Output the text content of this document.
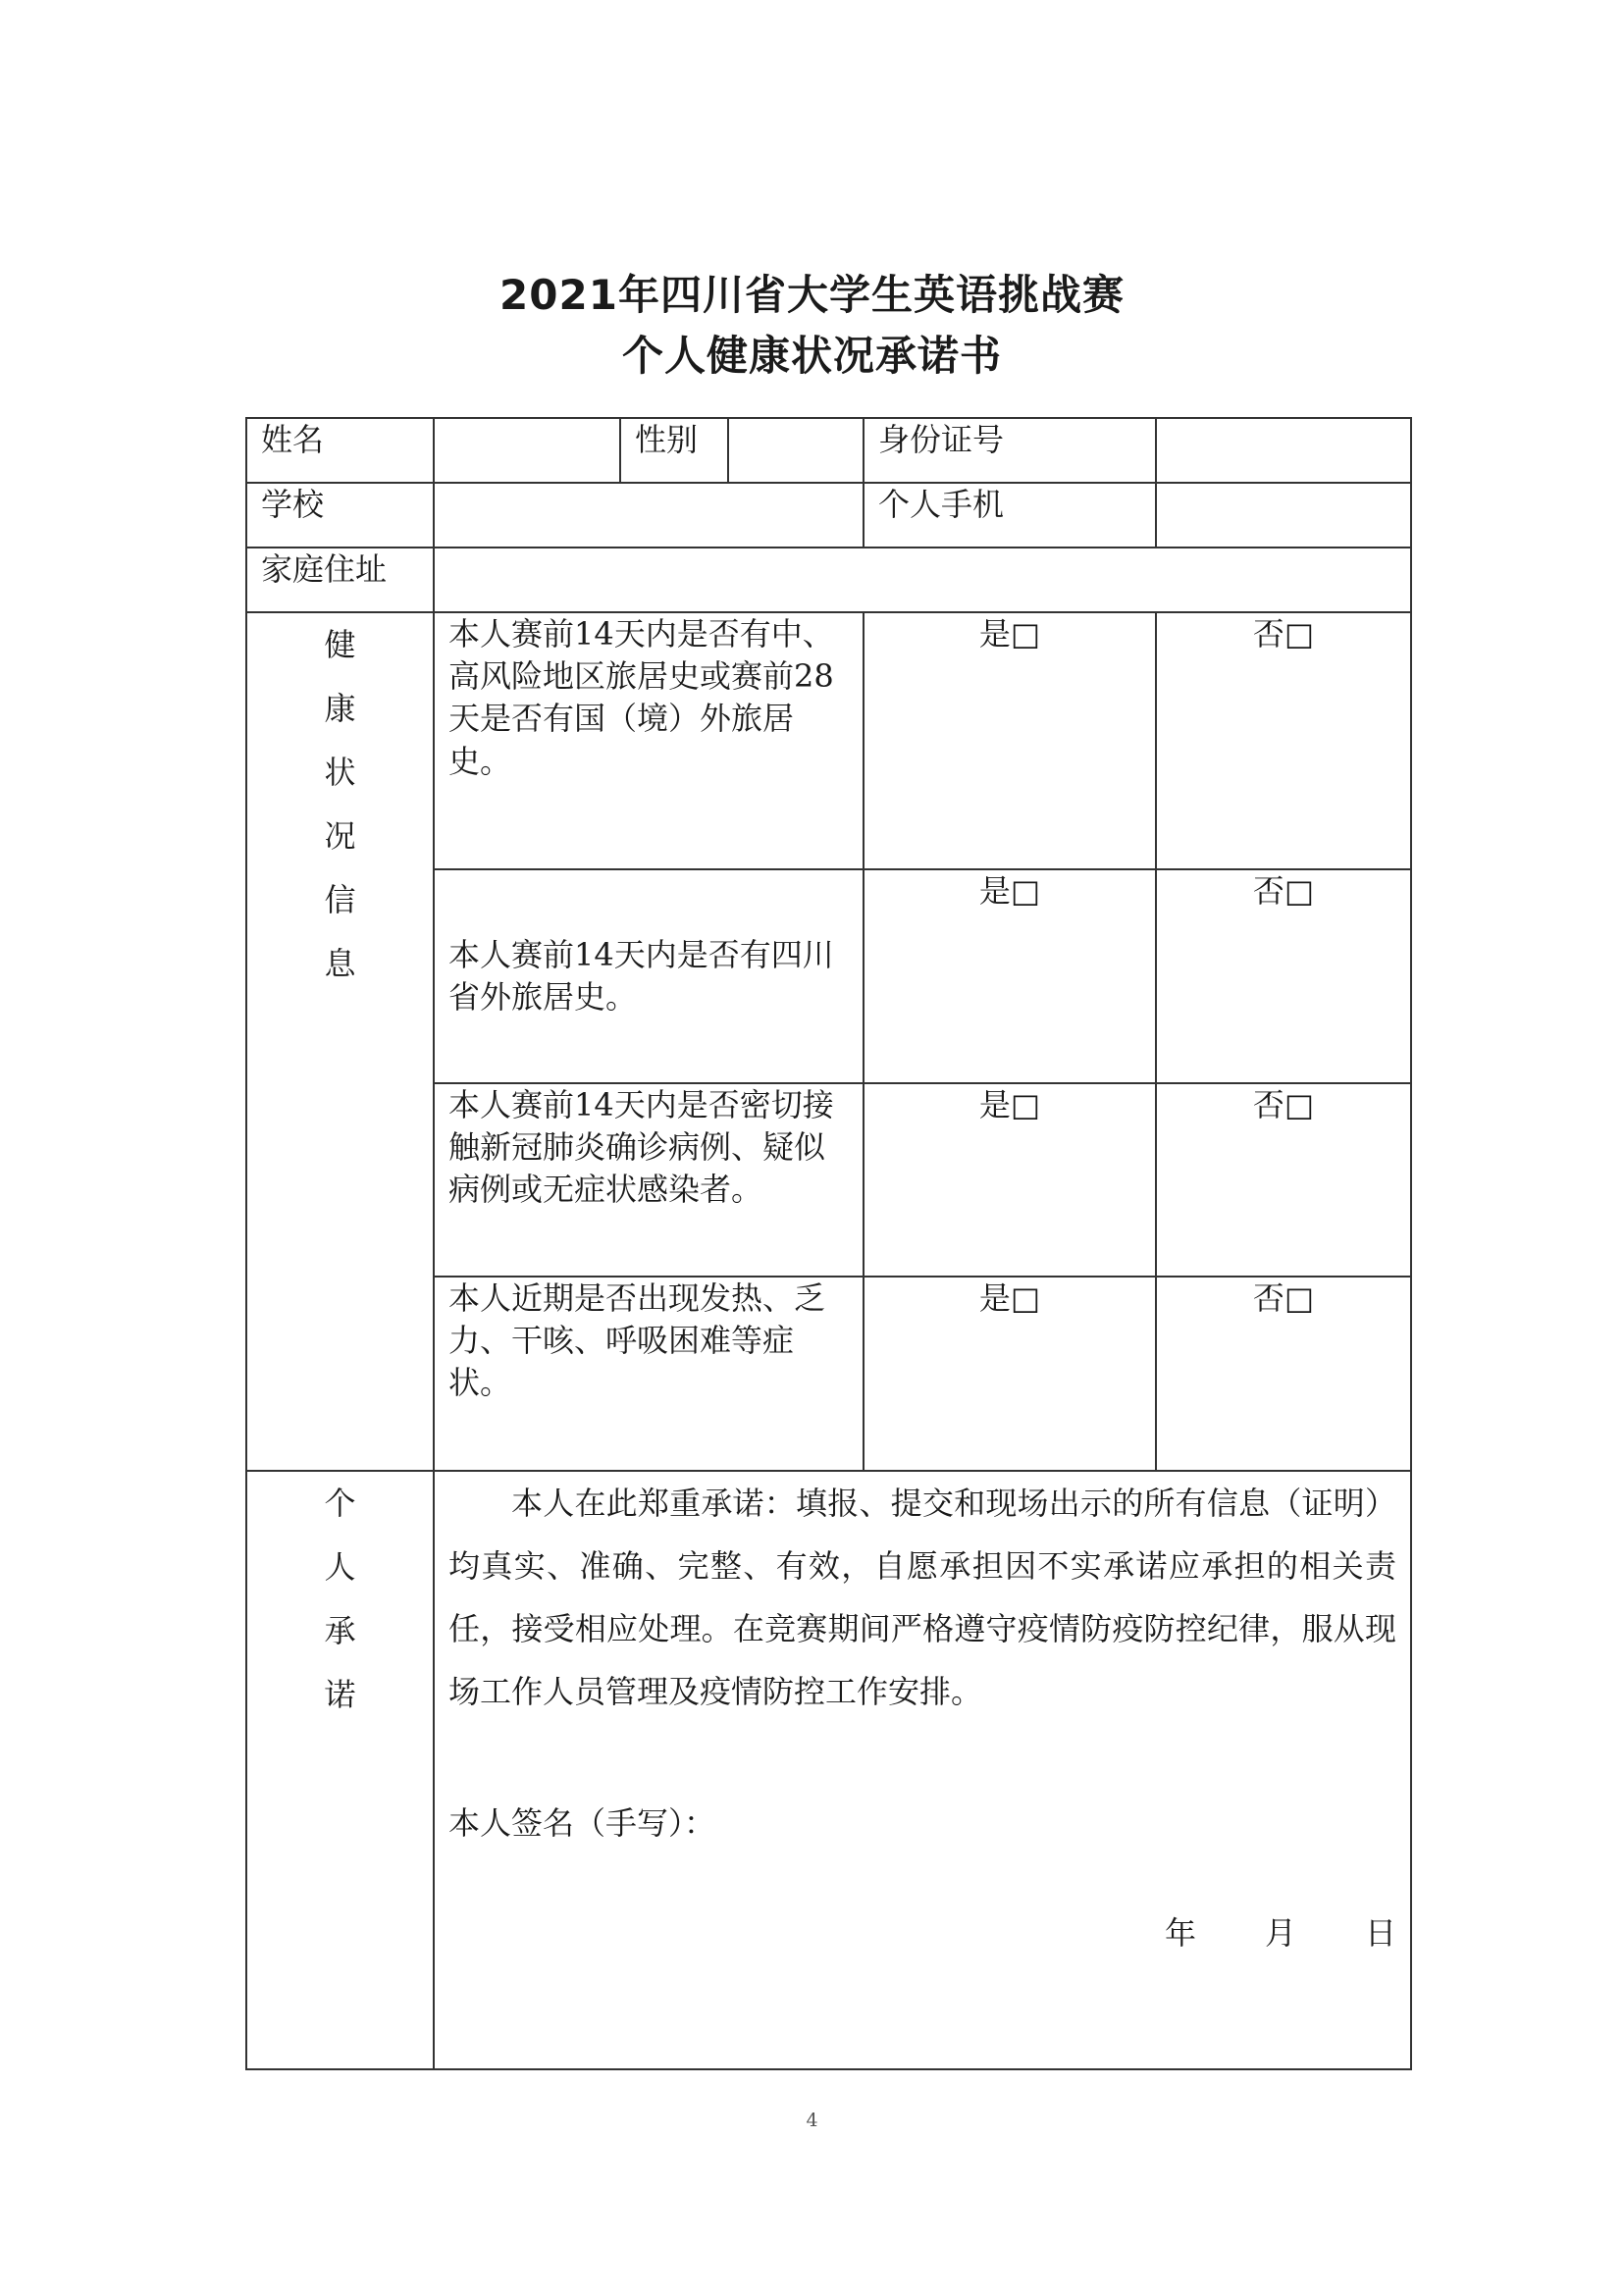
2021年四川省大学生英语挑战赛
个人健康状况承诺书
姓名		性别		身份证号	
学校				个人手机	
家庭住址					
健康状况信息	本人赛前14天内是否有中、高风险地区旅居史或赛前28天是否有国（境）外旅居史。			是□	否□
	本人赛前14天内是否有四川省外旅居史。			是□	否□
	本人赛前14天内是否密切接触新冠肺炎确诊病例、疑似病例或无症状感染者。			是□	否□
	本人近期是否出现发热、乏力、干咳、呼吸困难等症状。			是□	否□
个人承诺	本人在此郑重承诺：填报、提交和现场出示的所有信息（证明）均真实、准确、完整、有效，自愿承担因不实承诺应承担的相关责任，接受相应处理。在竞赛期间严格遵守疫情防疫防控纪律，服从现场工作人员管理及疫情防控工作安排。
本人签名（手写）：
年 月 日				
4
